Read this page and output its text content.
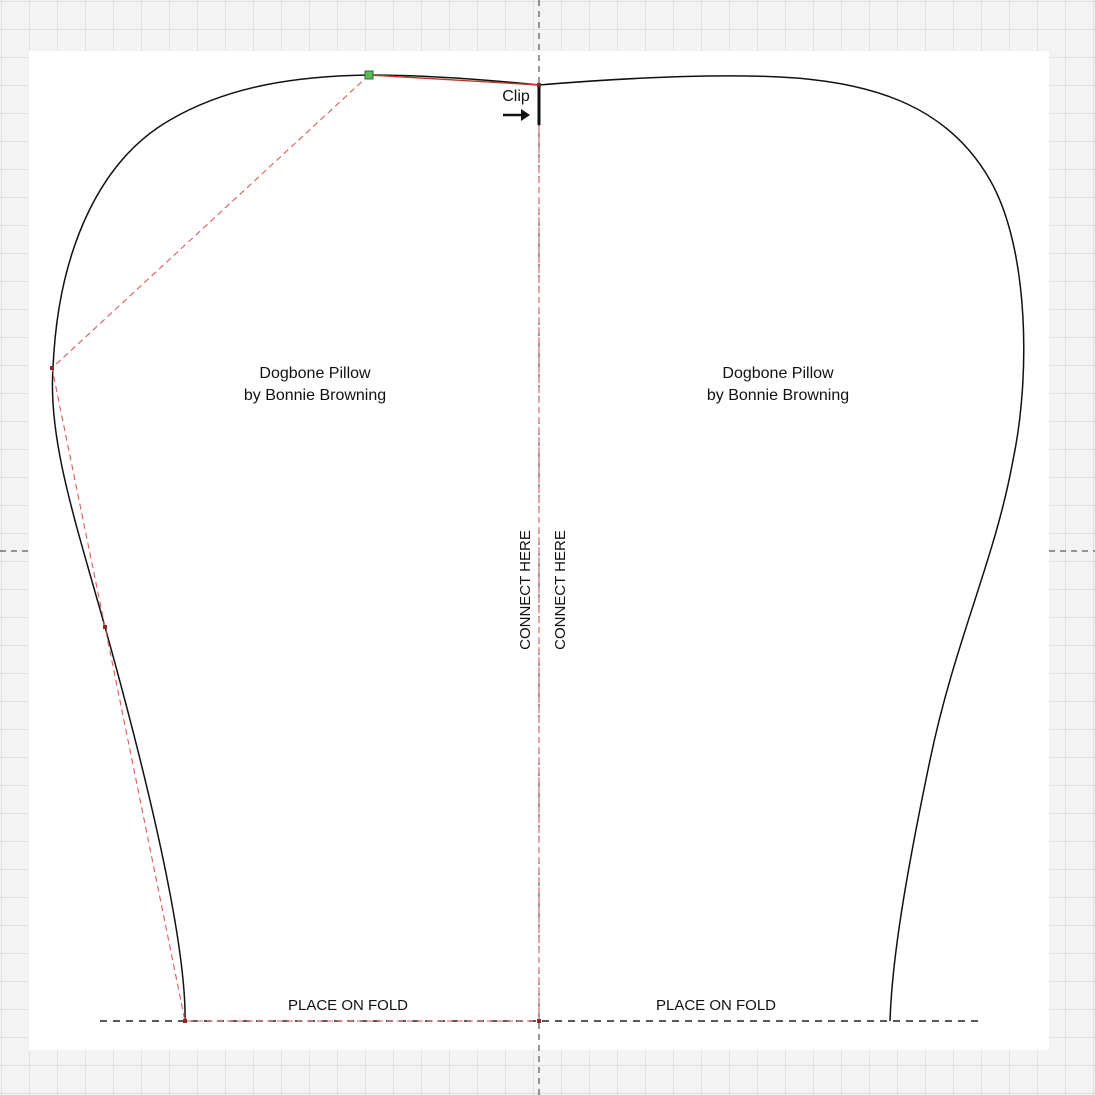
Clip
Dogbone Pillow
by Bonnie Browning
Dogbone Pillow
by Bonnie Browning
CONNECT HERE CONNECT HERE
PLACE ON FOLD	PLACE ON FOLD
